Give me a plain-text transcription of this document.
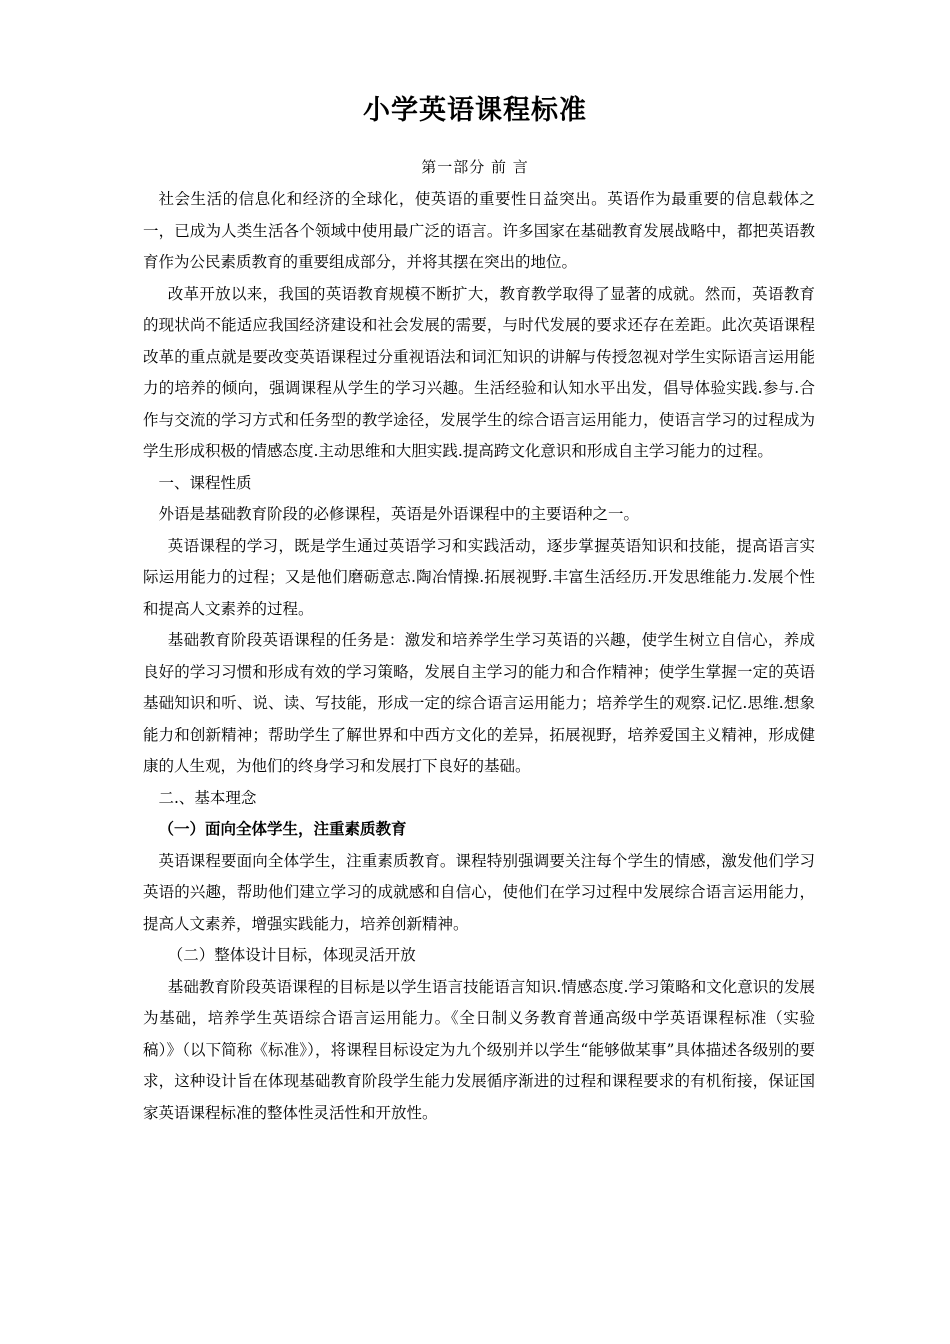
小学英语课程标准

第一部分 前 言

社会生活的信息化和经济的全球化，使英语的重要性日益突出。英语作为最重要的信息载体之一，已成为人类生活各个领域中使用最广泛的语言。许多国家在基础教育发展战略中，都把英语教育作为公民素质教育的重要组成部分，并将其摆在突出的地位。

改革开放以来，我国的英语教育规模不断扩大，教育教学取得了显著的成就。然而，英语教育的现状尚不能适应我国经济建设和社会发展的需要，与时代发展的要求还存在差距。此次英语课程改革的重点就是要改变英语课程过分重视语法和词汇知识的讲解与传授忽视对学生实际语言运用能力的培养的倾向，强调课程从学生的学习兴趣。生活经验和认知水平出发，倡导体验实践.参与.合作与交流的学习方式和任务型的教学途径，发展学生的综合语言运用能力，使语言学习的过程成为学生形成积极的情感态度.主动思维和大胆实践.提高跨文化意识和形成自主学习能力的过程。

一、课程性质

外语是基础教育阶段的必修课程，英语是外语课程中的主要语种之一。

英语课程的学习，既是学生通过英语学习和实践活动，逐步掌握英语知识和技能，提高语言实际运用能力的过程；又是他们磨砺意志.陶冶情操.拓展视野.丰富生活经历.开发思维能力.发展个性和提高人文素养的过程。

基础教育阶段英语课程的任务是：激发和培养学生学习英语的兴趣，使学生树立自信心，养成良好的学习习惯和形成有效的学习策略，发展自主学习的能力和合作精神；使学生掌握一定的英语基础知识和听、说、读、写技能，形成一定的综合语言运用能力；培养学生的观察.记忆.思维.想象能力和创新精神；帮助学生了解世界和中西方文化的差异，拓展视野，培养爱国主义精神，形成健康的人生观，为他们的终身学习和发展打下良好的基础。

二.、基本理念

（一）面向全体学生，注重素质教育

英语课程要面向全体学生，注重素质教育。课程特别强调要关注每个学生的情感，激发他们学习英语的兴趣，帮助他们建立学习的成就感和自信心，使他们在学习过程中发展综合语言运用能力，提高人文素养，增强实践能力，培养创新精神。

（二）整体设计目标，体现灵活开放

基础教育阶段英语课程的目标是以学生语言技能语言知识.情感态度.学习策略和文化意识的发展为基础，培养学生英语综合语言运用能力。《全日制义务教育普通高级中学英语课程标准（实验稿）》（以下简称《标准》），将课程目标设定为九个级别并以学生“能够做某事”具体描述各级别的要求，这种设计旨在体现基础教育阶段学生能力发展循序渐进的过程和课程要求的有机衔接，保证国家英语课程标准的整体性灵活性和开放性。
